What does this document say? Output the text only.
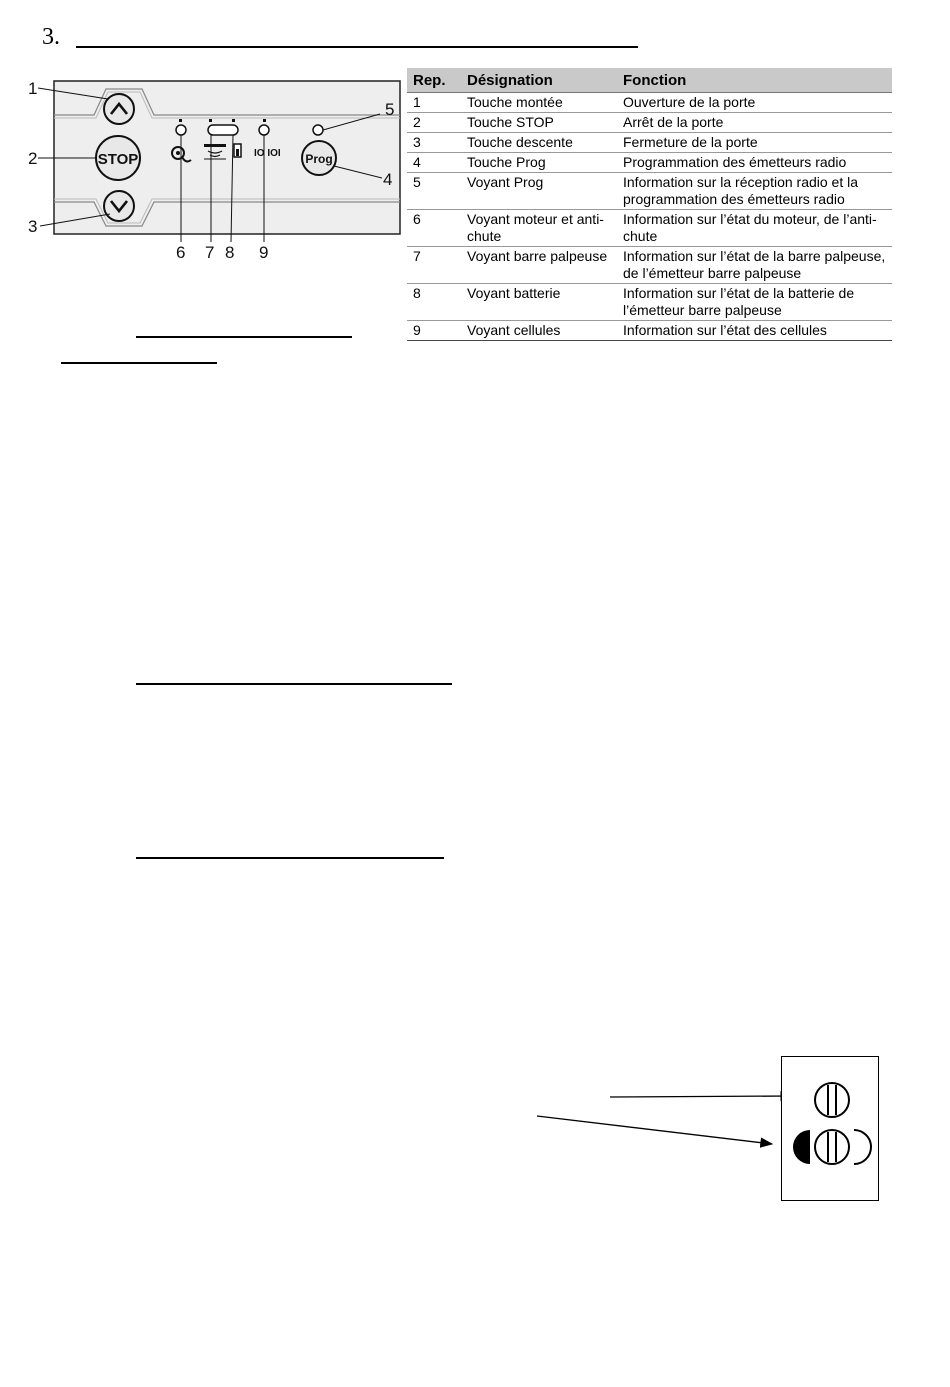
3.
STOP	Prog
IO IOI
1
2
3
4
5
6 7 8 9
Rep.	Désignation	Fonction
1	Touche montée	Ouverture de la porte
2	Touche STOP	Arrêt de la porte
3	Touche descente	Fermeture de la porte
4	Touche Prog	Programmation des émetteurs radio
5	Voyant Prog	Information sur la réception radio et la programmation des émetteurs radio
6	Voyant moteur et anti-chute	Information sur l’état du moteur, de l’anti-chute
7	Voyant barre palpeuse	Information sur l’état de la barre palpeuse, de l’émetteur barre palpeuse
8	Voyant batterie	Information sur l’état de la batterie de l’émetteur barre palpeuse
9	Voyant cellules	Information sur l’état des cellules
